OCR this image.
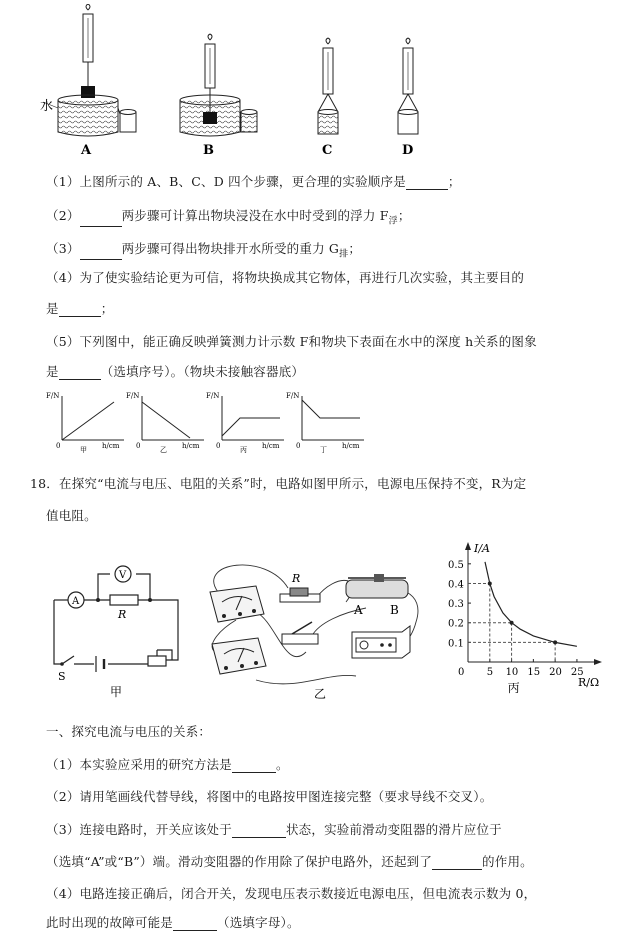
水
A	B	C	D
（1）上图所示的 A、B、C、D 四个步骤，更合理的实验顺序是	；
（2）	两步骤可计算出物块浸没在水中时受到的浮力 $F_浮$；
（3）	两步骤可得出物块排开水所受的重力 $G_排$；
（4）为了使实验结论更为可信，将物块换成其它物体，再进行几次实验，其主要目的
是	；
（5）下列图中，能正确反映弹簧测力计示数 F和物块下表面在水中的深度 h关系的图象
是	（选填序号）。（物块未接触容器底）
F/N
0	h/cm
甲
F/N
0	h/cm
乙
F/N
0	h/cm
丙
F/N
0	h/cm
丁
18．在探究“电流与电压、电阻的关系”时，电路如图甲所示，电源电压保持不变，R为定
值电阻。
A
V
R
S
甲
R
A B
乙
I/A
R/Ω
丙
0.1
0.2
0.3
0.4
0.5
0 5 10 15 20 25
一、探究电流与电压的关系：
（1）本实验应采用的研究方法是	。
（2）请用笔画线代替导线，将图中的电路按甲图连接完整（要求导线不交叉）。
（3）连接电路时，开关应该处于	状态，实验前滑动变阻器的滑片应位于
（选填“A”或“B”）端。滑动变阻器的作用除了保护电路外，还起到了	的作用。
（4）电路连接正确后，闭合开关，发现电压表示数接近电源电压，但电流表示数为 0，
此时出现的故障可能是	（选填字母）。
